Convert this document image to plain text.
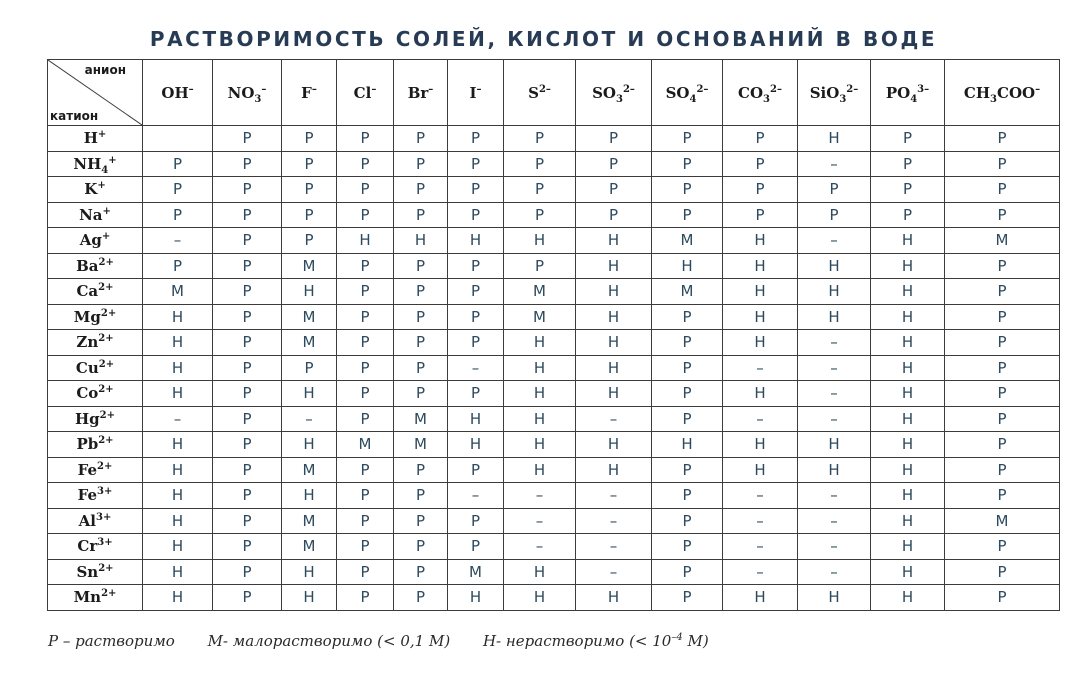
РАСТВОРИМОСТЬ СОЛЕЙ, КИСЛОТ И ОСНОВАНИЙ В ВОДЕ
анион
катион	OH–	$NO_3^-$	F–	Cl–	Br–	I–	$S^{2-}$	$SO_3^{2-}$	$SO_4^{2-}$	$CO_3^{2-}$	SiO$_3^{2-}$	$PO_4^{3-}$	$CH_3COO^-$
H+		Р	Р	Р	Р	Р	Р	Р	Р	Р	Н	Р	Р
$NH_4^+$	Р	Р	Р	Р	Р	Р	Р	Р	Р	Р	–	Р	Р
K+	Р	Р	Р	Р	Р	Р	Р	Р	Р	Р	Р	Р	Р
Na+	Р	Р	Р	Р	Р	Р	Р	Р	Р	Р	Р	Р	Р
Ag+	–	Р	Р	Н	Н	Н	Н	Н	М	Н	–	Н	М
$Ba^{2+}$	Р	Р	М	Р	Р	Р	Р	Н	Н	Н	Н	Н	Р
$Ca^{2+}$	М	Р	Н	Р	Р	Р	М	Н	М	Н	Н	Н	Р
$Mg^{2+}$	Н	Р	М	Р	Р	Р	М	Н	Р	Н	Н	Н	Р
$Zn^{2+}$	Н	Р	М	Р	Р	Р	Н	Н	Р	Н	–	Н	Р
$Cu^{2+}$	Н	Р	Р	Р	Р	–	Н	Н	Р	–	–	Н	Р
$Co^{2+}$	Н	Р	Н	Р	Р	Р	Н	Н	Р	Н	–	Н	Р
$Hg^{2+}$	–	Р	–	Р	М	Н	Н	–	Р	–	–	Н	Р
$Pb^{2+}$	Н	Р	Н	М	М	Н	Н	Н	Н	Н	Н	Н	Р
$Fe^{2+}$	Н	Р	М	Р	Р	Р	Н	Н	Р	Н	Н	Н	Р
$Fe^{3+}$	Н	Р	Н	Р	Р	–	–	–	Р	–	–	Н	Р
$Al^{3+}$	Н	Р	М	Р	Р	Р	–	–	Р	–	–	Н	М
$Cr^{3+}$	Н	Р	М	Р	Р	Р	–	–	Р	–	–	Н	Р
$Sn^{2+}$	Н	Р	Н	Р	Р	М	Н	–	Р	–	–	Н	Р
$Mn^{2+}$	Н	Р	Н	Р	Р	Н	Н	Н	Р	Н	Н	Н	Р
Р – растворимо М- малорастворимо (< 0,1 М) Н- нерастворимо (< $10^{-4}$ М)
